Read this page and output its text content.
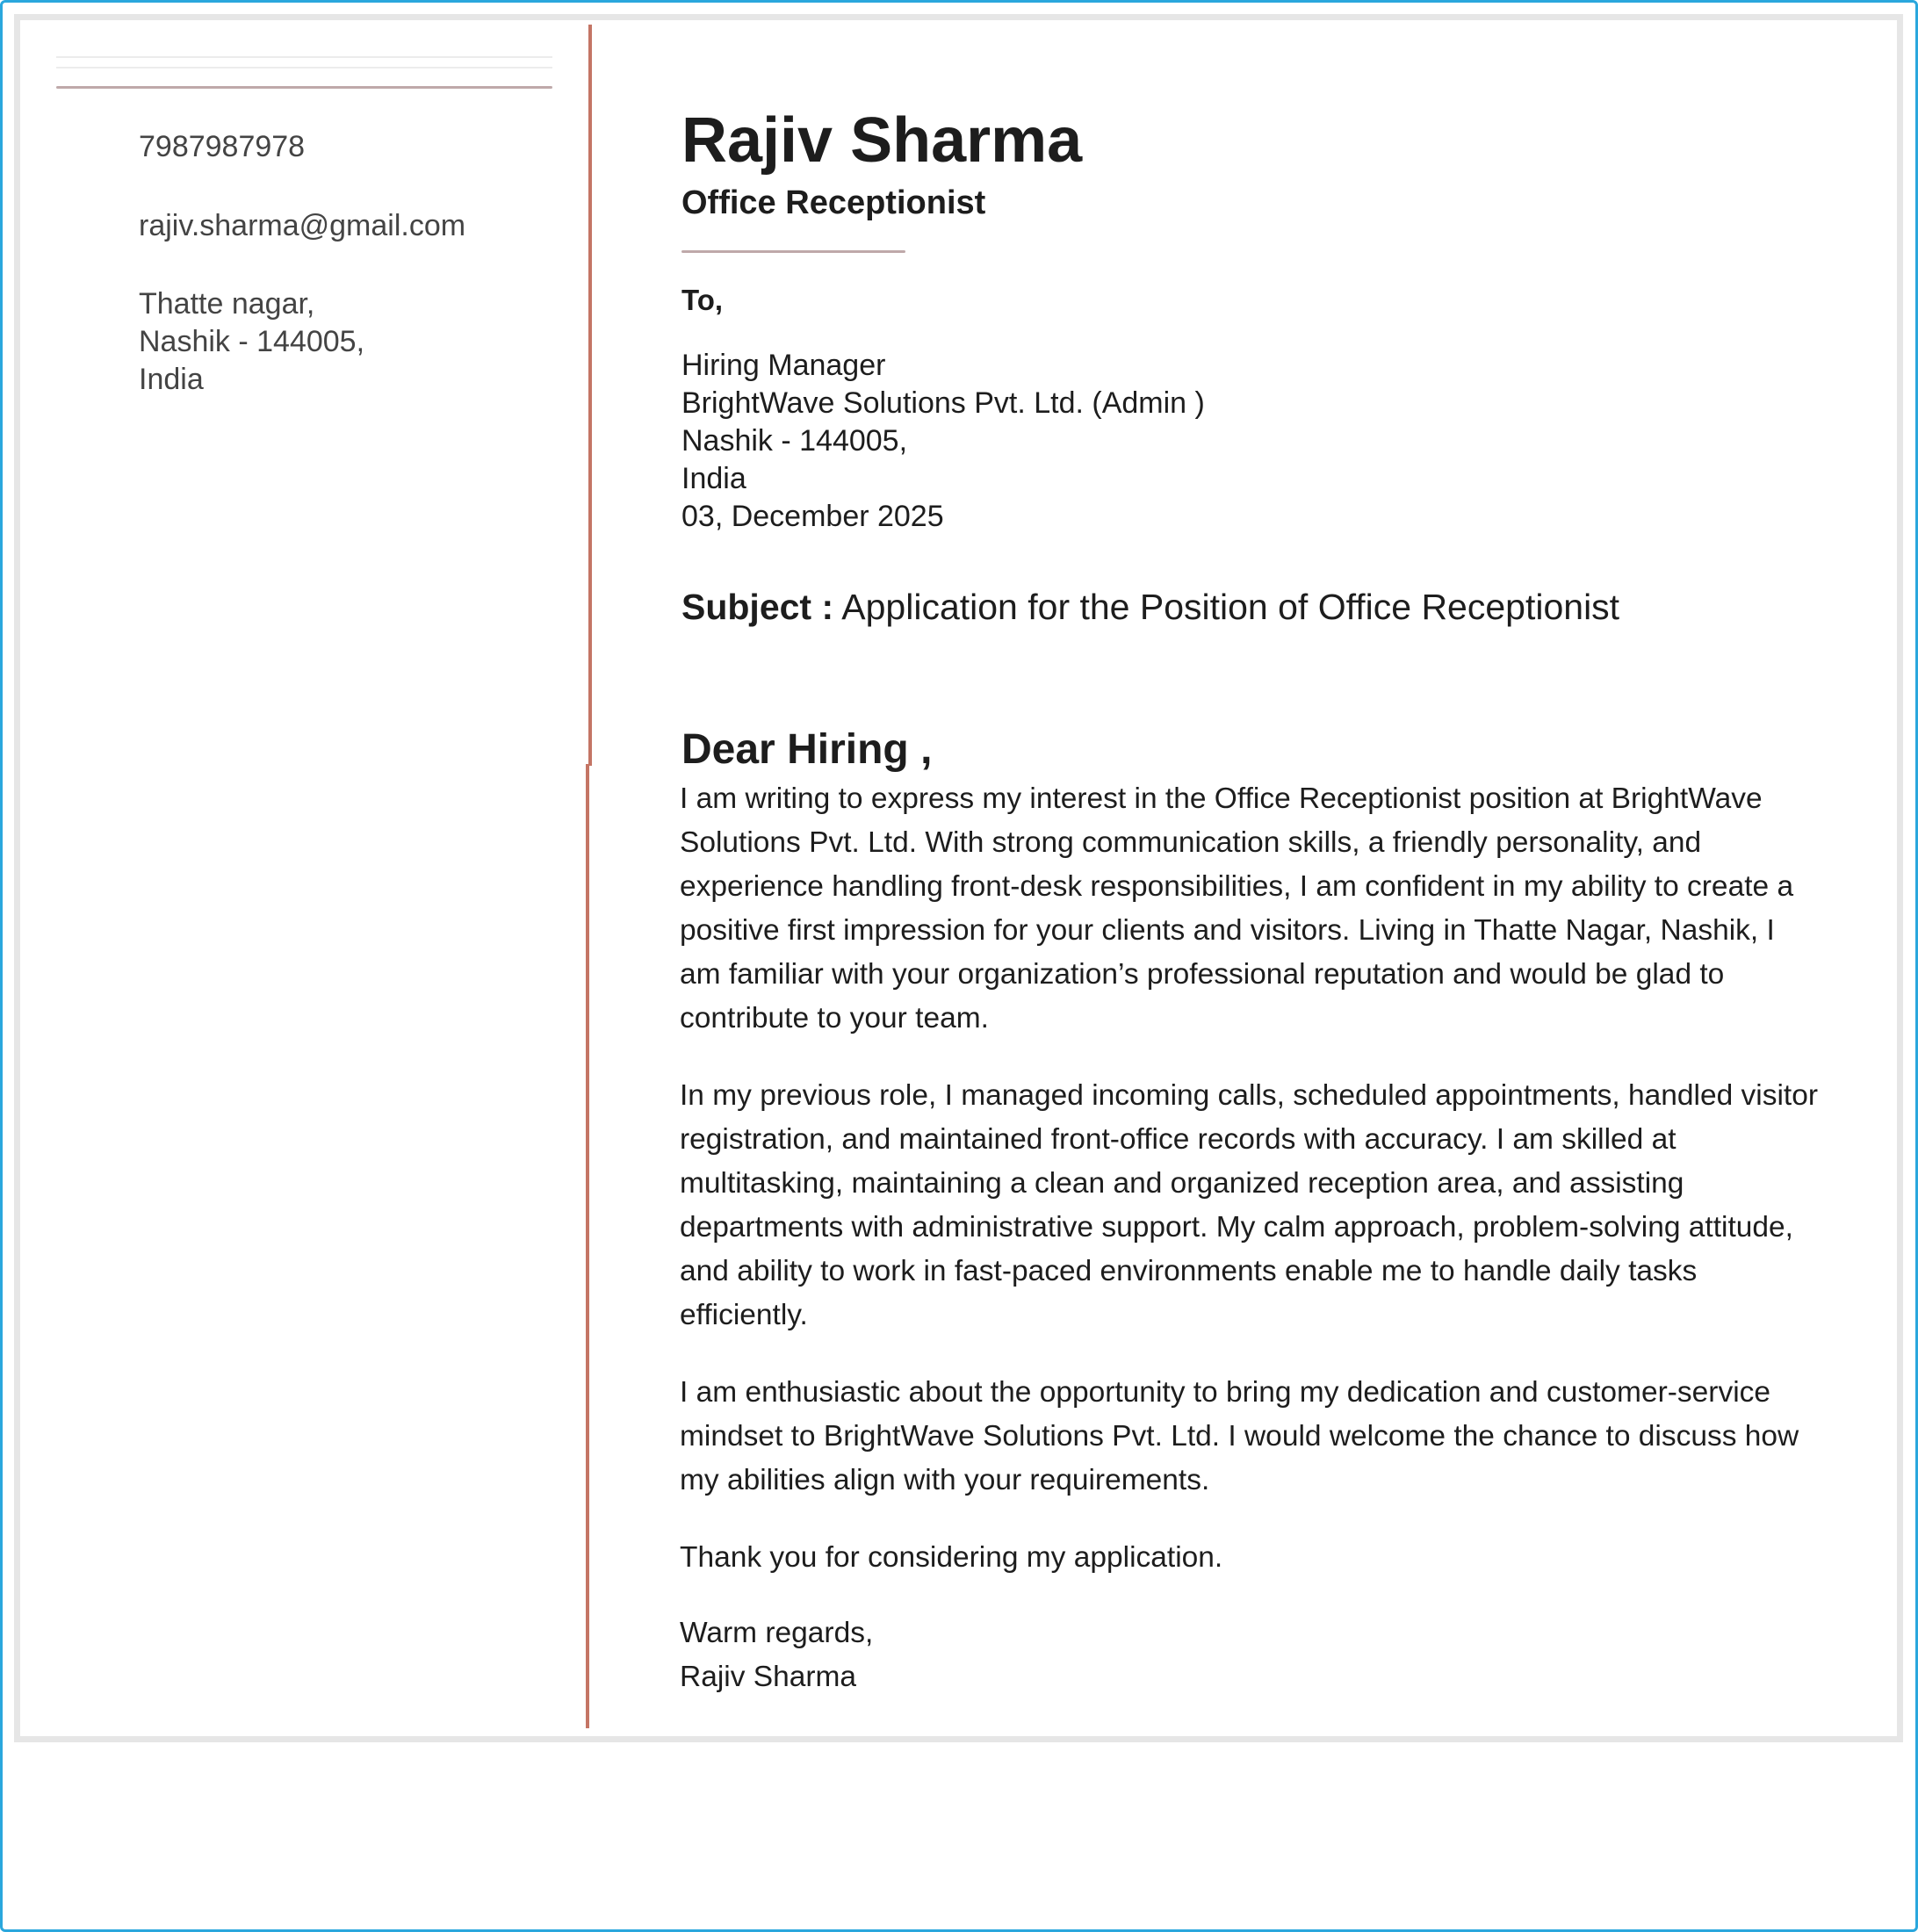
7987987978
rajiv.sharma@gmail.com
Thatte nagar,
Nashik - 144005,
India
Rajiv Sharma
Office Receptionist
To,
Hiring Manager
BrightWave Solutions Pvt. Ltd. (Admin )
Nashik - 144005,
India
03, December 2025
Subject : Application for the Position of Office Receptionist
Dear Hiring ,

I am writing to express my interest in the Office Receptionist position at BrightWave Solutions Pvt. Ltd. With strong communication skills, a friendly personality, and experience handling front-desk responsibilities, I am confident in my ability to create a positive first impression for your clients and visitors. Living in Thatte Nagar, Nashik, I am familiar with your organization’s professional reputation and would be glad to contribute to your team.

In my previous role, I managed incoming calls, scheduled appointments, handled visitor registration, and maintained front-office records with accuracy. I am skilled at multitasking, maintaining a clean and organized reception area, and assisting departments with administrative support. My calm approach, problem-solving attitude, and ability to work in fast-paced environments enable me to handle daily tasks efficiently.

I am enthusiastic about the opportunity to bring my dedication and customer-service mindset to BrightWave Solutions Pvt. Ltd. I would welcome the chance to discuss how my abilities align with your requirements.

Thank you for considering my application.

Warm regards,
Rajiv Sharma
